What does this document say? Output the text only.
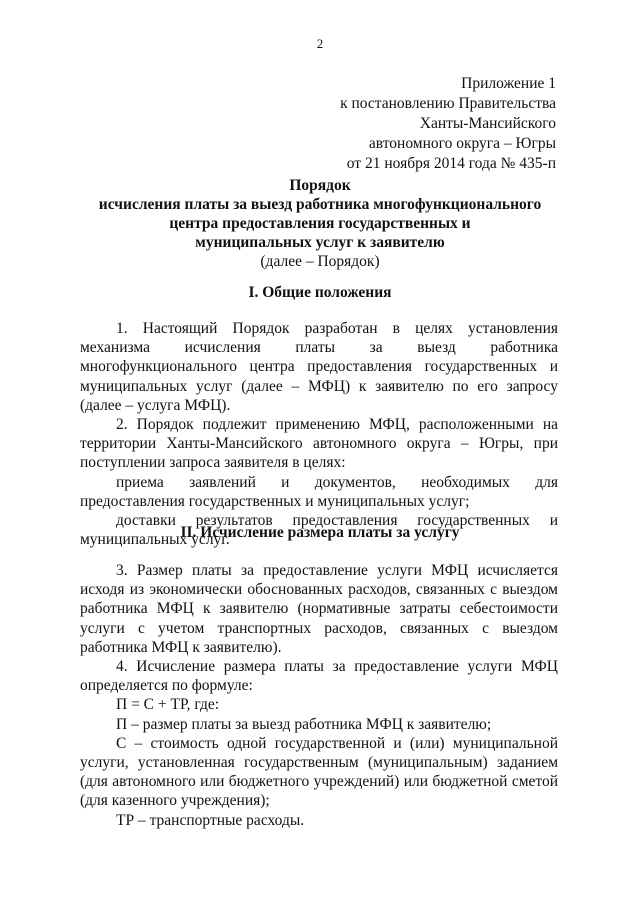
2
Приложение 1
к постановлению Правительства
Ханты-Мансийского
автономного округа – Югры
от 21 ноября 2014 года № 435-п
Порядок
исчисления платы за выезд работника многофункционального
центра предоставления государственных и
муниципальных услуг к заявителю
(далее – Порядок)
I. Общие положения

1. Настоящий Порядок разработан в целях установления механизма исчисления платы за выезд работника многофункционального центра предоставления государственных и муниципальных услуг (далее – МФЦ) к заявителю по его запросу (далее – услуга МФЦ).

2. Порядок подлежит применению МФЦ, расположенными на территории Ханты-Мансийского автономного округа – Югры, при поступлении запроса заявителя в целях:

приема заявлений и документов, необходимых для предоставления государственных и муниципальных услуг;

доставки результатов предоставления государственных и муниципальных услуг.

II. Исчисление размера платы за услугу

3. Размер платы за предоставление услуги МФЦ исчисляется исходя из экономически обоснованных расходов, связанных с выездом работника МФЦ к заявителю (нормативные затраты себестоимости услуги с учетом транспортных расходов, связанных с выездом работника МФЦ к заявителю).

4. Исчисление размера платы за предоставление услуги МФЦ определяется по формуле:

П = С + ТР, где:

П – размер платы за выезд работника МФЦ к заявителю;

С – стоимость одной государственной и (или) муниципальной услуги, установленная государственным (муниципальным) заданием (для автономного или бюджетного учреждений) или бюджетной сметой (для казенного учреждения);

ТР – транспортные расходы.
